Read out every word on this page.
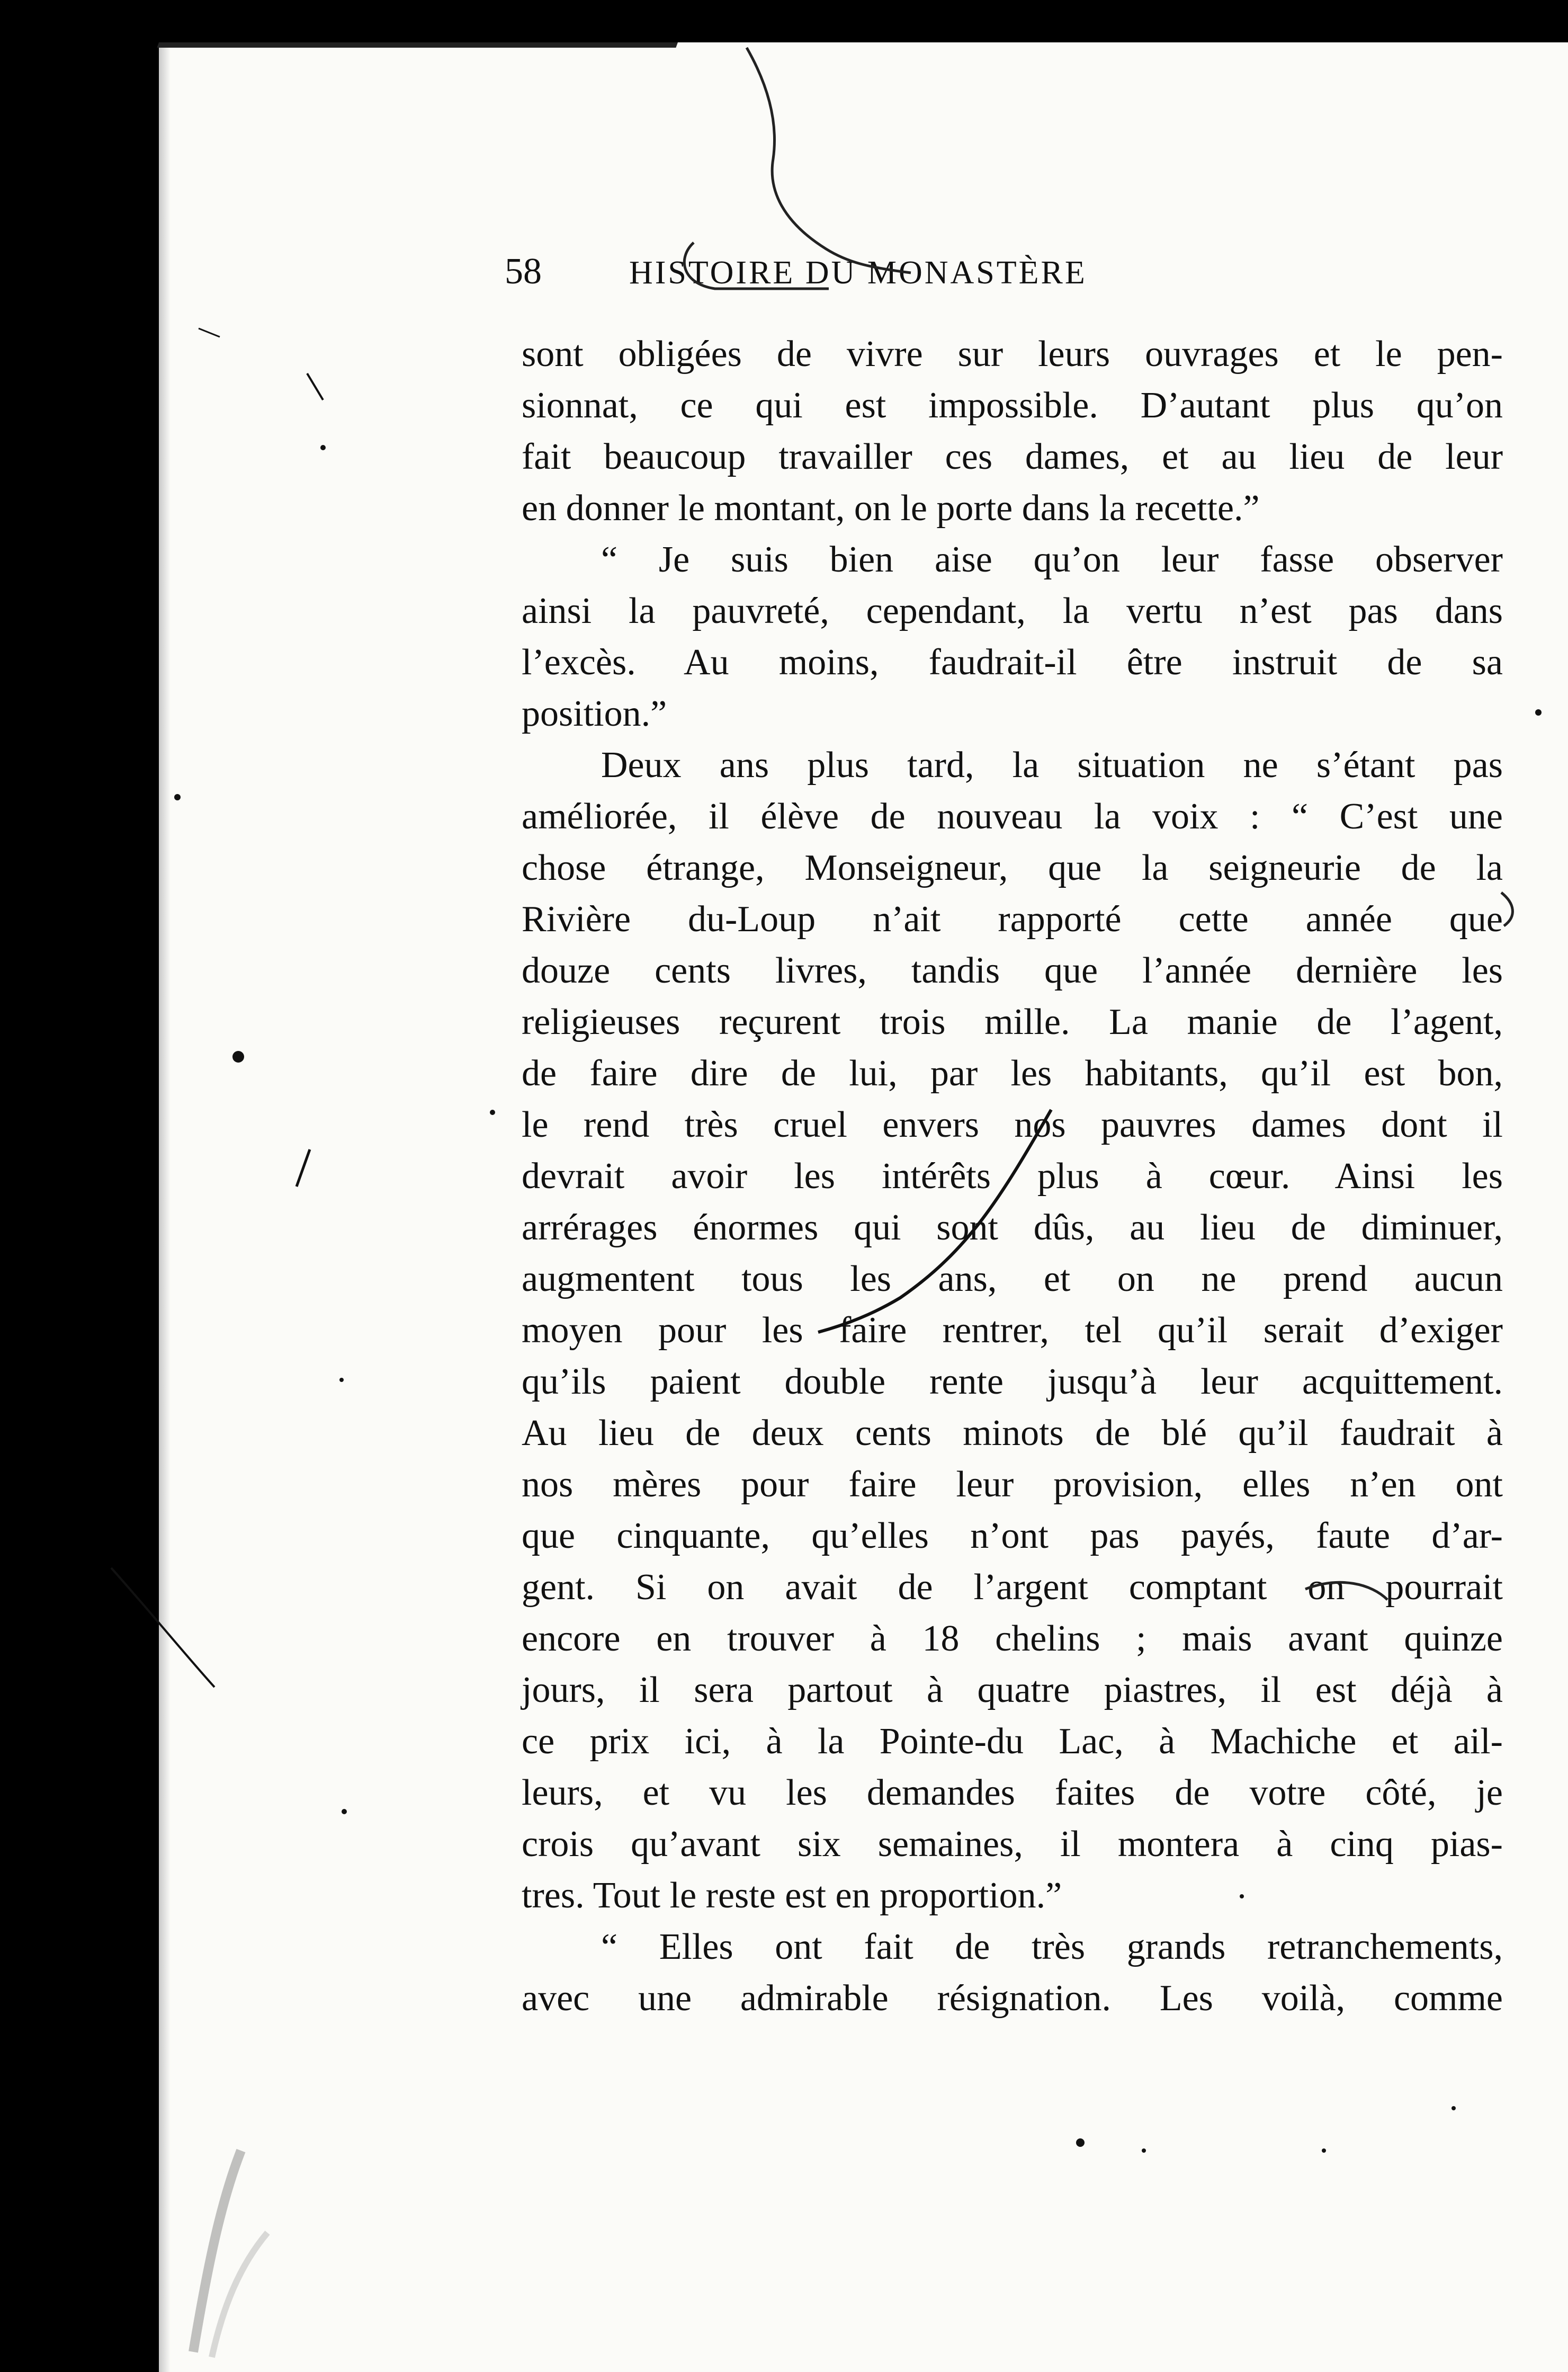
58	HISTOIRE DU MONASTÈRE
sont obligées de vivre sur leurs ouvrages et le pen-
sionnat, ce qui est impossible. D’autant plus qu’on
fait beaucoup travailler ces dames, et au lieu de leur
en donner le montant, on le porte dans la recette.”
“ Je suis bien aise qu’on leur fasse observer
ainsi la pauvreté, cependant, la vertu n’est pas dans
l’excès. Au moins, faudrait-il être instruit de sa
position.”
Deux ans plus tard, la situation ne s’étant pas
améliorée, il élève de nouveau la voix : “ C’est une
chose étrange, Monseigneur, que la seigneurie de la
Rivière du-Loup n’ait rapporté cette année que
douze cents livres, tandis que l’année dernière les
religieuses reçurent trois mille. La manie de l’agent,
de faire dire de lui, par les habitants, qu’il est bon,
le rend très cruel envers nos pauvres dames dont il
devrait avoir les intérêts plus à cœur. Ainsi les
arrérages énormes qui sont dûs, au lieu de diminuer,
augmentent tous les ans, et on ne prend aucun
moyen pour les faire rentrer, tel qu’il serait d’exiger
qu’ils paient double rente jusqu’à leur acquittement.
Au lieu de deux cents minots de blé qu’il faudrait à
nos mères pour faire leur provision, elles n’en ont
que cinquante, qu’elles n’ont pas payés, faute d’ar-
gent. Si on avait de l’argent comptant on pourrait
encore en trouver à 18 chelins ; mais avant quinze
jours, il sera partout à quatre piastres, il est déjà à
ce prix ici, à la Pointe-du Lac, à Machiche et ail-
leurs, et vu les demandes faites de votre côté, je
crois qu’avant six semaines, il montera à cinq pias-
tres. Tout le reste est en proportion.”
“ Elles ont fait de très grands retranchements,
avec une admirable résignation. Les voilà, comme
